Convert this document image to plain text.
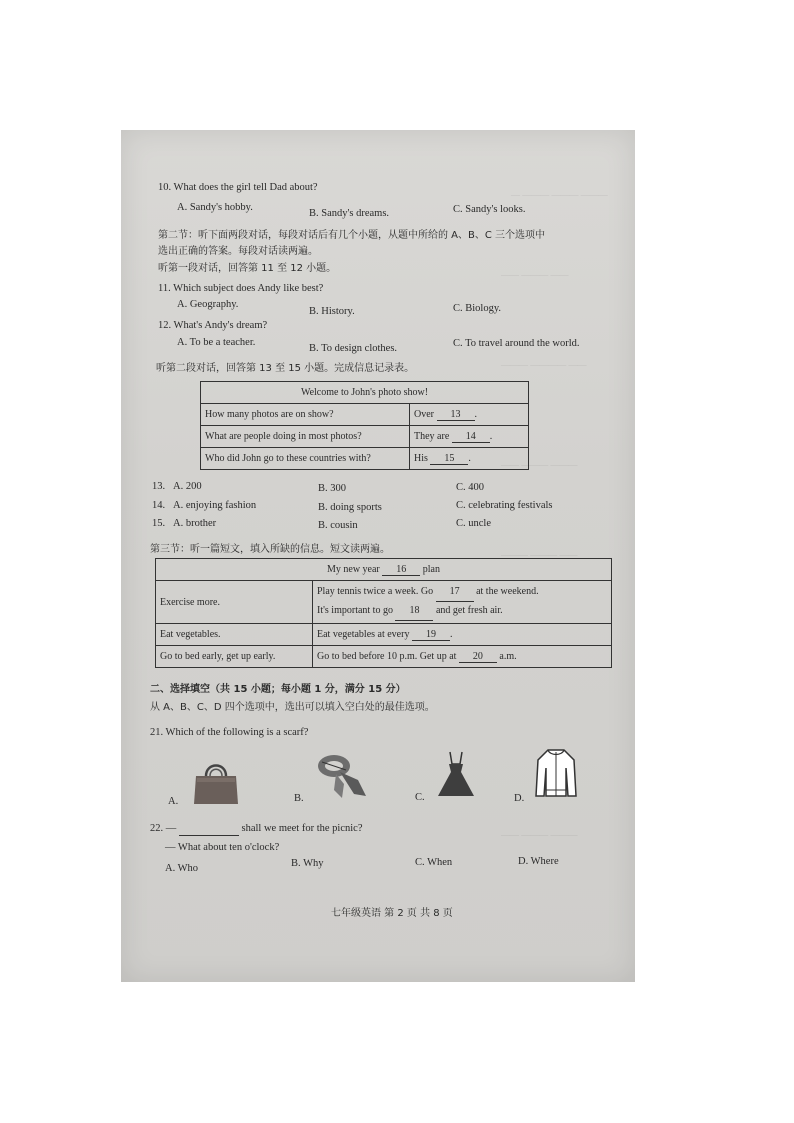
— ——— ——— ———
—— ——— ——
——— ———— ——
—— ——— ———
——— ——— ——
—— ——— ———
10. What does the girl tell Dad about?
A. Sandy's hobby.
B. Sandy's dreams.	C. Sandy's looks.
第二节：听下面两段对话，每段对话后有几个小题，从题中所给的 A、B、C 三个选项中
选出正确的答案。每段对话读两遍。
听第一段对话，回答第 11 至 12 小题。
11. Which subject does Andy like best?
A. Geography.
B. History.	C. Biology.
12. What's Andy's dream?
A. To be a teacher.
B. To design clothes.	C. To travel around the world.
听第二段对话，回答第 13 至 15 小题。完成信息记录表。
Welcome to John's photo show!	
How many photos are on show?	Over 13 .
What are people doing in most photos?	They are 14 .
Who did John go to these countries with?	His 15 .
13. A. 200	B. 300	C. 400
14. A. enjoying fashion	B. doing sports	C. celebrating festivals
15. A. brother	B. cousin	C. uncle
第三节：听一篇短文，填入所缺的信息。短文读两遍。
My new year 16 plan	
Exercise more.	Play tennis twice a week. Go 17 at the weekend.
It's important to go 18 and get fresh air.

Eat vegetables.	Eat vegetables at every 19 .
Go to bed early, get up early.	Go to bed before 10 p.m. Get up at 20 a.m.
二、选择填空（共 15 小题；每小题 1 分，满分 15 分）
从 A、B、C、D 四个选项中，选出可以填入空白处的最佳选项。
21. Which of the following is a scarf?
A.	B.	C.	D.
22. —	shall we meet for the picnic?
— What about ten o'clock?
A. Who	B. Why	C. When	D. Where
七年级英语 第 2 页 共 8 页
